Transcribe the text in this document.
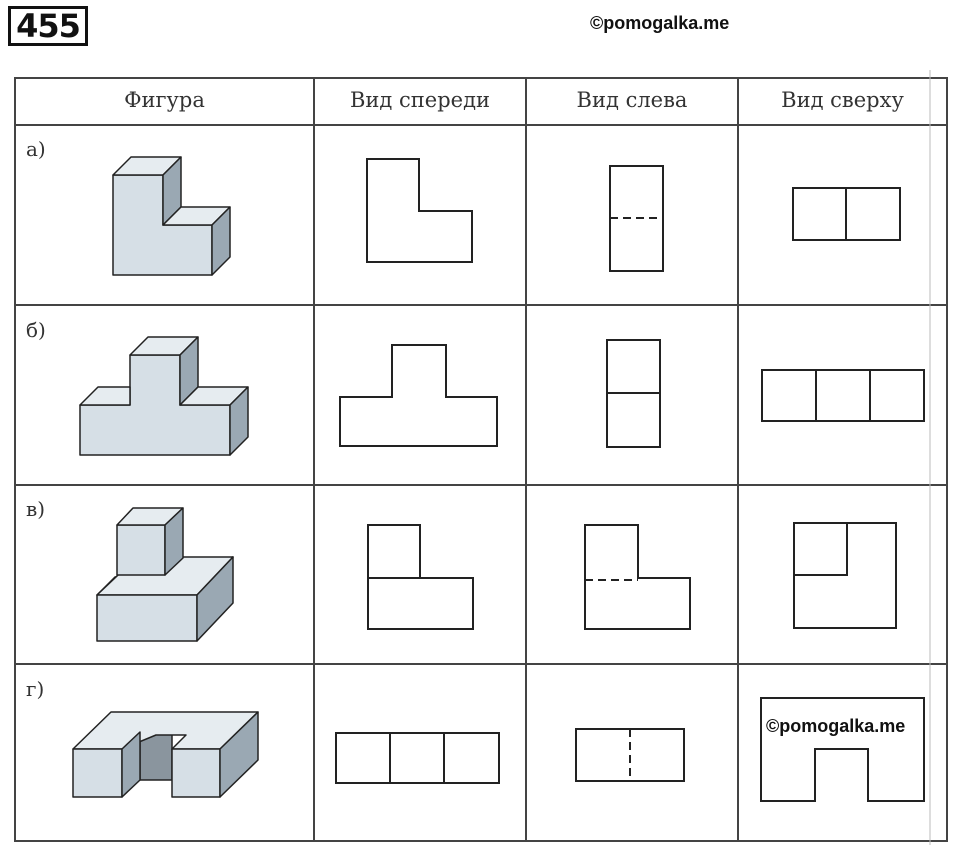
455	©pomogalka.me
Фигура	Вид спереди	Вид слева	Вид сверху
а)
б)
в)
г)
©pomogalka.me
